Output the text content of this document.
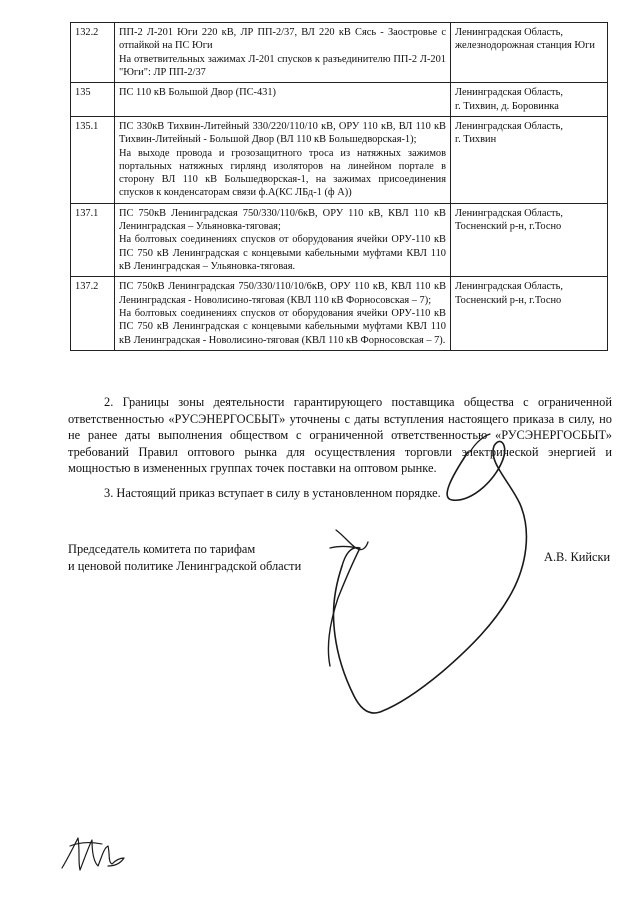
132.2	ПП-2 Л-201 Юги 220 кВ, ЛР ПП-2/37, ВЛ 220 кВ Сясь - Заостровье с отпайкой на ПС Юги
На ответвительных зажимах Л-201 спусков к разъединителю ПП-2 Л-201 "Юги": ЛР ПП-2/37	Ленинградская Область, железнодорожная станция Юги

135	ПС 110 кВ Большой Двор (ПС-431)	Ленинградская Область,
г. Тихвин, д. Боровинка

135.1	ПС 330кВ Тихвин-Литейный 330/220/110/10 кВ, ОРУ 110 кВ, ВЛ 110 кВ Тихвин-Литейный - Большой Двор (ВЛ 110 кВ Большедворская-1);
На выходе провода и грозозащитного троса из натяжных зажимов портальных натяжных гирлянд изоляторов на линейном портале в сторону ВЛ 110 кВ Большедворская-1, на зажимах присоединения спусков к конденсаторам связи ф.А(КС ЛБд-1 (ф А))	Ленинградская Область,
г. Тихвин

137.1	ПС 750кВ Ленинградская 750/330/110/6кВ, ОРУ 110 кВ, КВЛ 110 кВ Ленинградская – Ульяновка-тяговая;
На болтовых соединениях спусков от оборудования ячейки ОРУ-110 кВ ПС 750 кВ Ленинградская с концевыми кабельными муфтами КВЛ 110 кВ Ленинградская – Ульяновка-тяговая.	Ленинградская Область,
Тосненский р-н, г.Тосно

137.2	ПС 750кВ Ленинградская 750/330/110/10/6кВ, ОРУ 110 кВ, КВЛ 110 кВ Ленинградская - Новолисино-тяговая (КВЛ 110 кВ Форносовская – 7);
На болтовых соединениях спусков от оборудования ячейки ОРУ-110 кВ ПС 750 кВ Ленинградская с концевыми кабельными муфтами КВЛ 110 кВ Ленинградская - Новолисино-тяговая (КВЛ 110 кВ Форносовская – 7).	Ленинградская Область,
Тосненский р-н, г.Тосно
2. Границы зоны деятельности гарантирующего поставщика общества с ограниченной ответственностью «РУСЭНЕРГОСБЫТ» уточнены с даты вступления настоящего приказа в силу, но не ранее даты выполнения обществом с ограниченной ответственностью «РУСЭНЕРГОСБЫТ» требований Правил оптового рынка для осуществления торговли электрической энергией и мощностью в измененных группах точек поставки на оптовом рынке.
3. Настоящий приказ вступает в силу в установленном порядке.
Председатель комитета по тарифам
и ценовой политике Ленинградской области
А.В. Кийски
